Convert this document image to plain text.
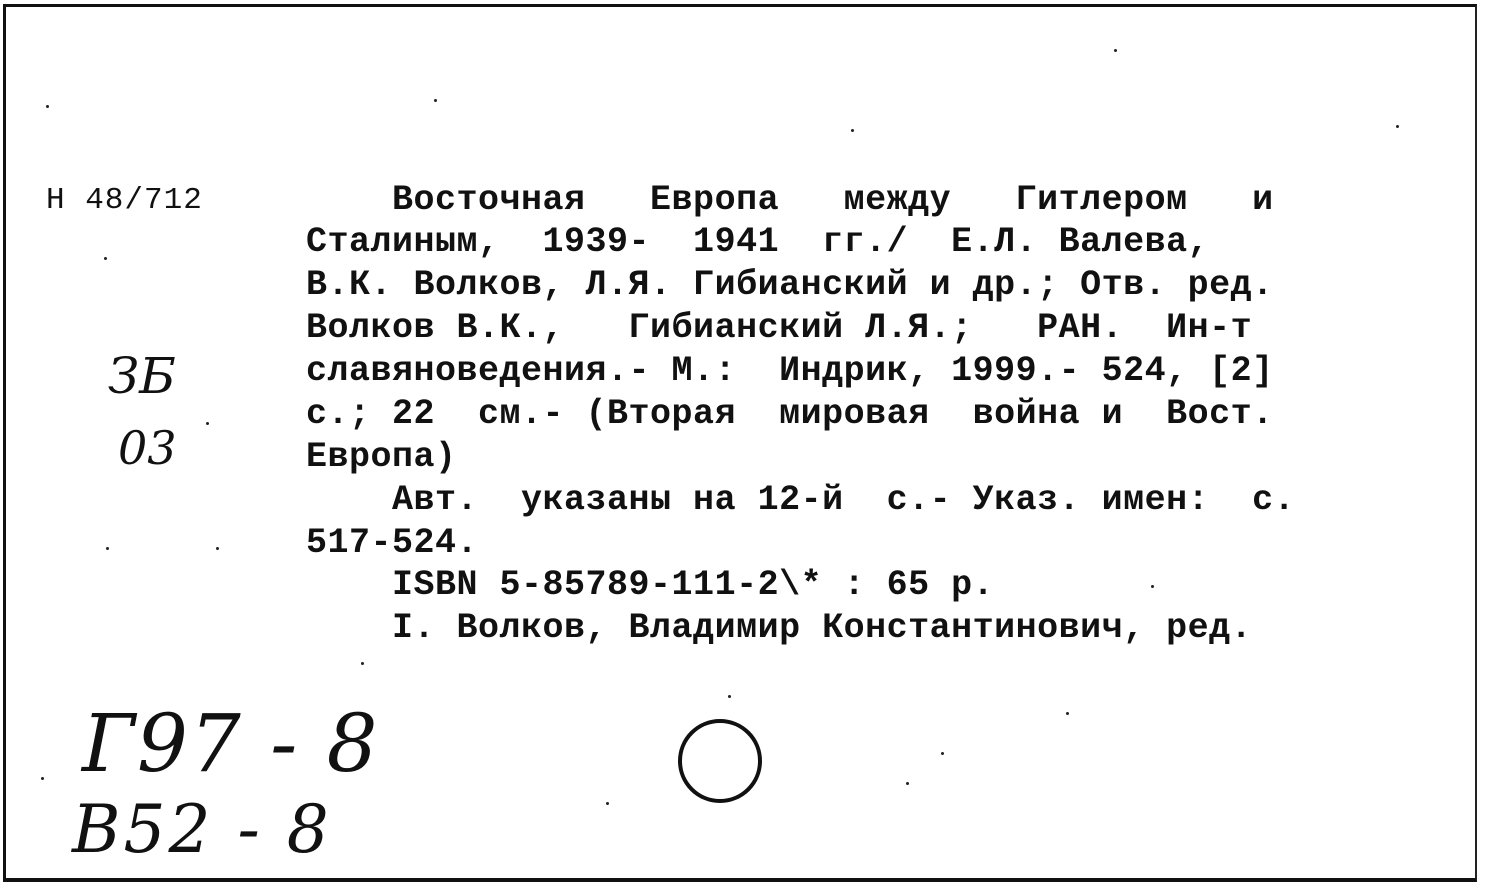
Н 48/712	Восточная   Европа   между   Гитлером   и
Сталиным,  1939-  1941  гг./  Е.Л. Валева,
В.К. Волков, Л.Я. Гибианский и др.; Отв. ред.
Волков В.К.,   Гибианский Л.Я.;   РАН.  Ин-т
славяноведения.- М.:  Индрик, 1999.- 524, [2]
с.; 22  см.- (Вторая  мировая  война и  Вост.
Европа)
Авт.  указаны на 12-й  с.- Указ. имен:  с.
517-524.
ISBN 5-85789-111-2\* : 65 р.
I. Волков, Владимир Константинович, ред.
ЗБ
03
Г97 - 8
В52 - 8
